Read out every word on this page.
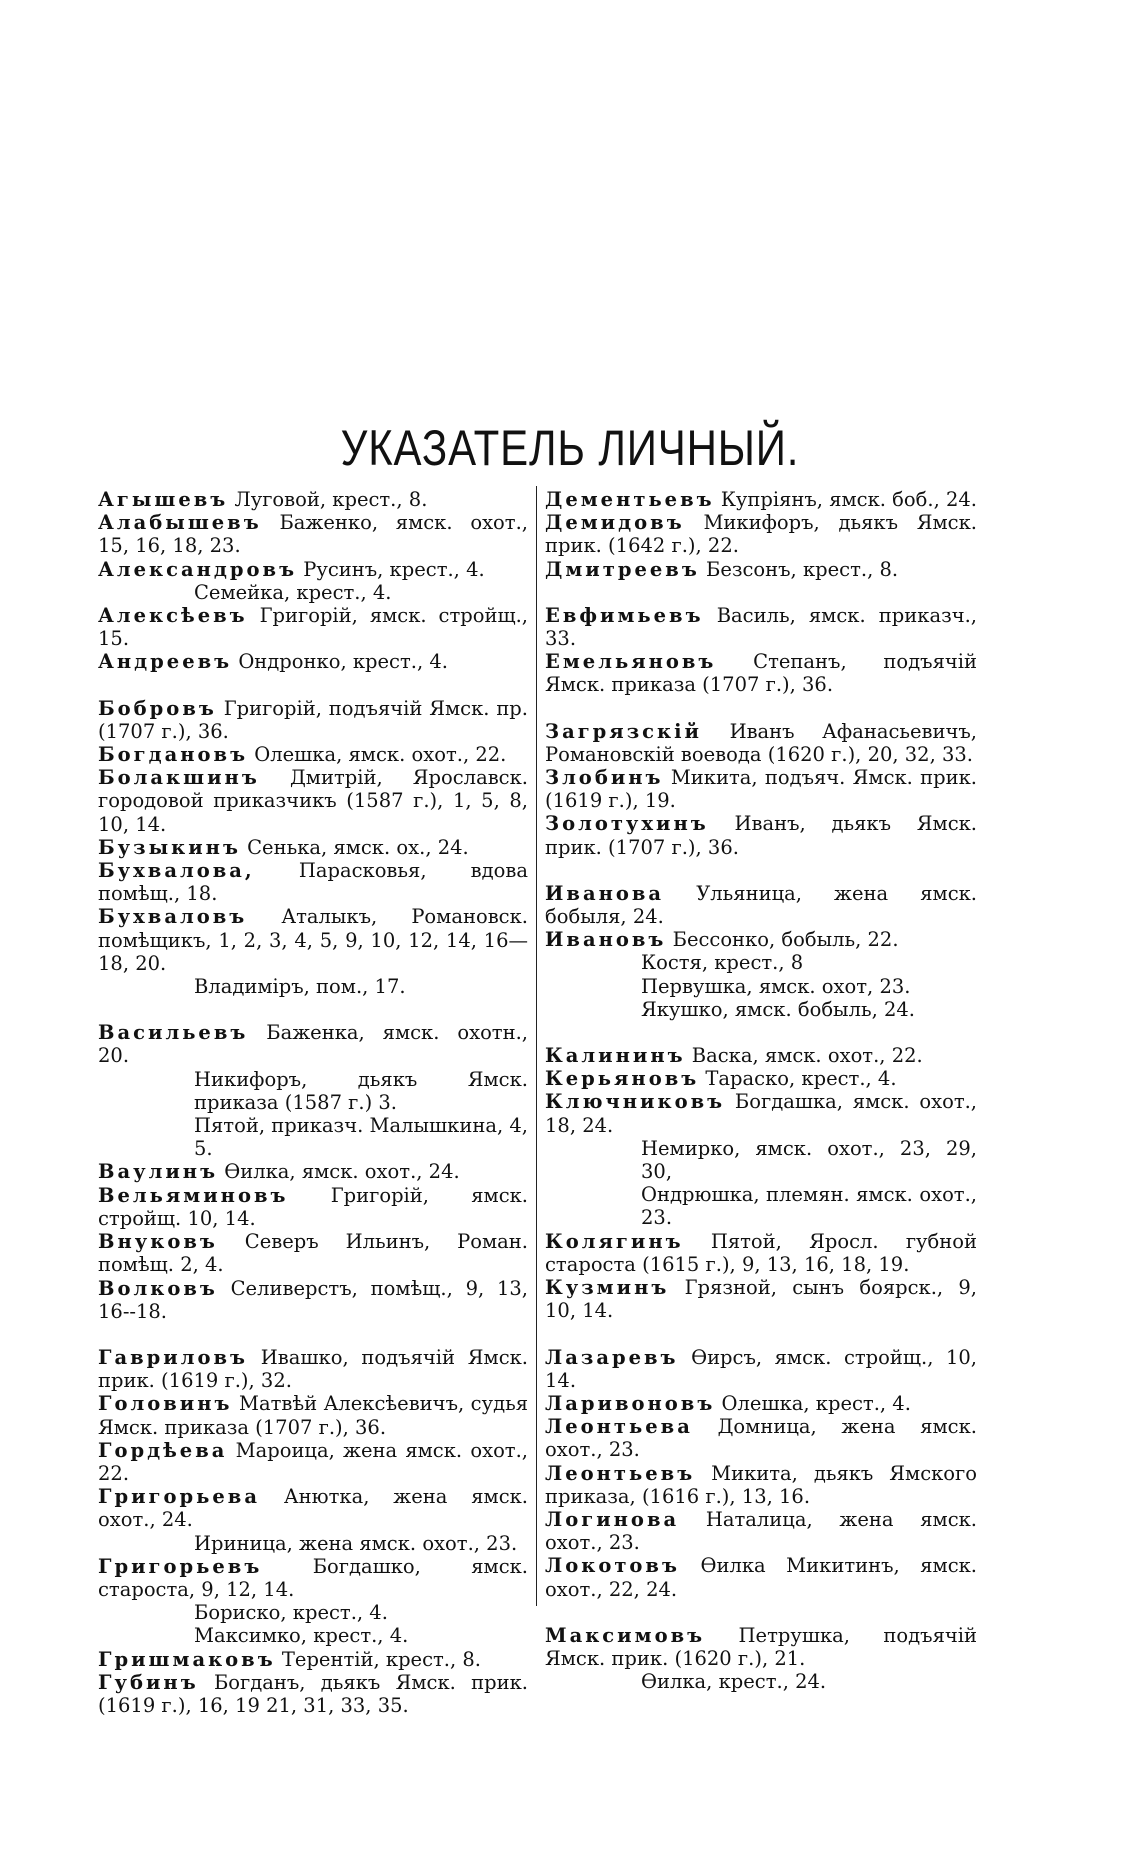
УКАЗАТЕЛЬ ЛИЧНЫЙ.

Агышевъ Луговой, крест., 8.

Алабышевъ Баженко, ямск. охот., 15, 16, 18, 23.

Александровъ Русинъ, крест., 4.

Семейка, крест., 4.

Алексѣевъ Григорій, ямск. стройщ., 15.

Андреевъ Ондронко, крест., 4.

Бобровъ Григорій, подъячій Ямск. пр. (1707 г.), 36.

Богдановъ Олешка, ямск. охот., 22.

Болакшинъ Дмитрій, Ярославск. городовой приказчикъ (1587 г.), 1, 5, 8, 10, 14.

Бузыкинъ Сенька, ямск. ох., 24.

Бухвалова, Парасковья, вдова помѣщ., 18.

Бухваловъ Аталыкъ, Романовск. помѣщикъ, 1, 2, 3, 4, 5, 9, 10, 12, 14, 16—18, 20.

Владиміръ, пом., 17.

Васильевъ Баженка, ямск. охотн., 20.

Никифоръ, дьякъ Ямск. приказа (1587 г.) 3.

Пятой, приказч. Малышкина, 4, 5.

Ваулинъ Ѳилка, ямск. охот., 24.

Вельяминовъ Григорій, ямск. стройщ. 10, 14.

Внуковъ Северъ Ильинъ, Роман. помѣщ. 2, 4.

Волковъ Селиверстъ, помѣщ., 9, 13, 16--18.

Гавриловъ Ивашко, подъячій Ямск. прик. (1619 г.), 32.

Головинъ Матвѣй Алексѣевичъ, судья Ямск. приказа (1707 г.), 36.

Гордѣева Мароица, жена ямск. охот., 22.

Григорьева Анютка, жена ямск. охот., 24.

Ириница, жена ямск. охот., 23.

Григорьевъ	Богдашко, ямск. староста, 9, 12, 14.

Бориско, крест., 4.

Максимко, крест., 4.

Гришмаковъ Терентій, крест., 8.

Губинъ Богданъ, дьякъ Ямск. прик. (1619 г.), 16, 19 21, 31, 33, 35.

Дементьевъ Купріянъ, ямск. боб., 24.

Демидовъ Микифоръ, дьякъ Ямск. прик. (1642 г.), 22.

Дмитреевъ Безсонъ, крест., 8.

Евфимьевъ Василь, ямск. приказч., 33.

Емельяновъ Степанъ, подъячій Ямск. приказа (1707 г.), 36.

Загрязскій Иванъ Афанасьевичъ, Романовскій воевода (1620 г.), 20, 32, 33.

Злобинъ Микита, подъяч. Ямск. прик. (1619 г.), 19.

Золотухинъ Иванъ, дьякъ Ямск. прик. (1707 г.), 36.

Иванова Ульяница, жена ямск. бобыля, 24.

Ивановъ Бессонко, бобыль, 22.

Костя, крест., 8

Первушка, ямск. охот, 23.

Якушко, ямск. бобыль, 24.

Калининъ Васка, ямск. охот., 22.

Керьяновъ Тараско, крест., 4.

Ключниковъ Богдашка, ямск. охот., 18, 24.

Немирко, ямск. охот., 23, 29, 30,

Ондрюшка, племян. ямск. охот., 23.

Колягинъ Пятой, Яросл. губной староста (1615 г.), 9, 13, 16, 18, 19.

Кузминъ Грязной, сынъ боярск., 9, 10, 14.

Лазаревъ Ѳирсъ, ямск. стройщ., 10, 14.

Ларивоновъ Олешка, крест., 4.

Леонтьева Домница, жена ямск. охот., 23.

Леонтьевъ Микита, дьякъ Ямского приказа, (1616 г.), 13, 16.

Логинова Наталица, жена ямск. охот., 23.

Локотовъ Ѳилка Микитинъ, ямск. охот., 22, 24.

Максимовъ Петрушка, подъячій Ямск. прик. (1620 г.), 21.

Ѳилка, крест., 24.
